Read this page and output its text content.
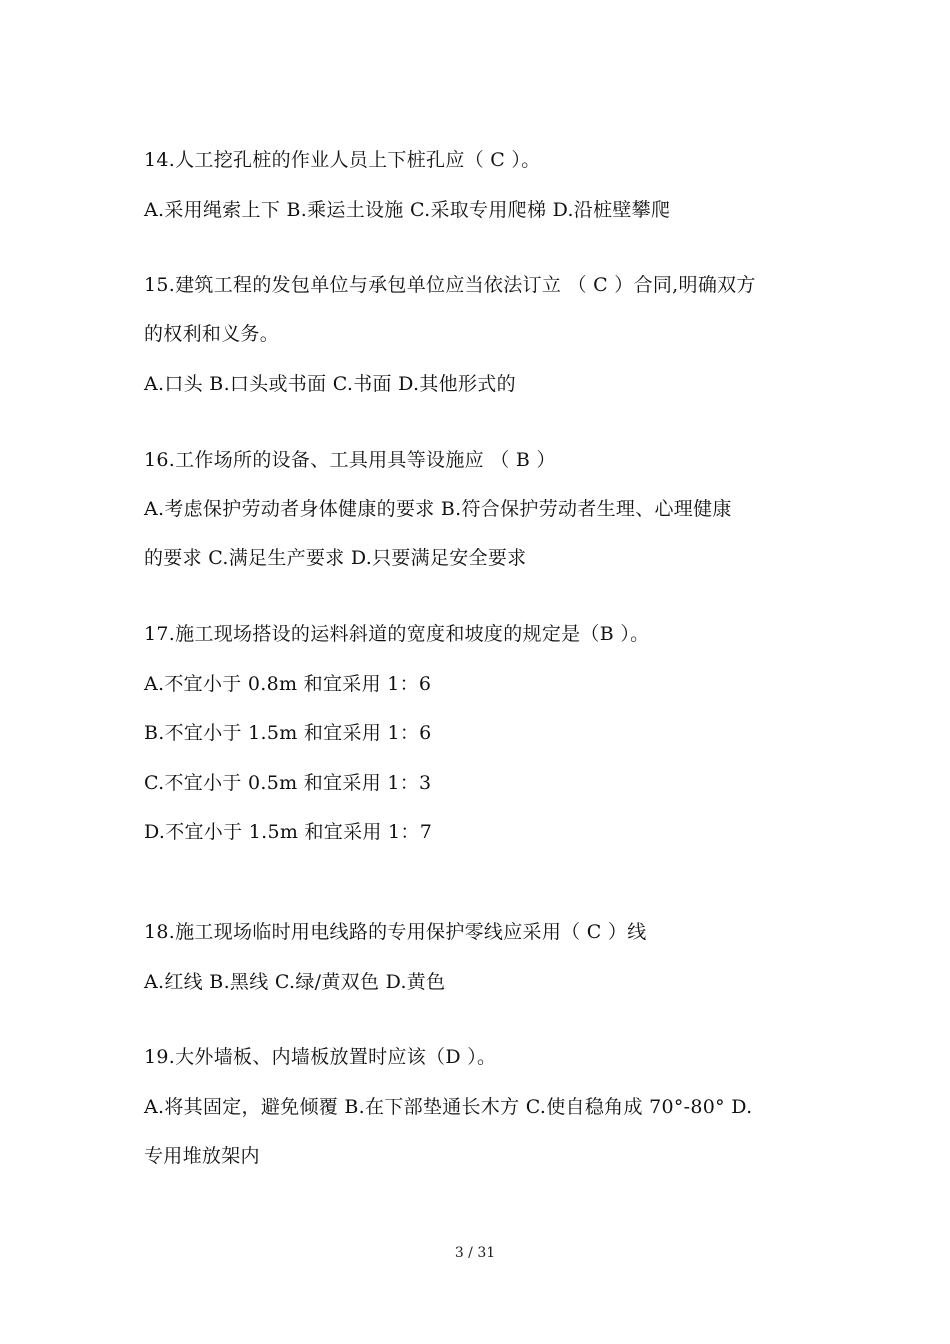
14.人工挖孔桩的作业人员上下桩孔应（ C ）。
A.采用绳索上下 B.乘运土设施 C.采取专用爬梯 D.沿桩壁攀爬
15.建筑工程的发包单位与承包单位应当依法订立 （ C ）合同,明确双方
的权利和义务。
A.口头 B.口头或书面 C.书面 D.其他形式的
16.工作场所的设备、工具用具等设施应 （ B ）
A.考虑保护劳动者身体健康的要求 B.符合保护劳动者生理、心理健康
的要求 C.满足生产要求 D.只要满足安全要求
17.施工现场搭设的运料斜道的宽度和坡度的规定是（B ）。
A.不宜小于 0.8m 和宜采用 1：6
B.不宜小于 1.5m 和宜采用 1：6
C.不宜小于 0.5m 和宜采用 1：3
D.不宜小于 1.5m 和宜采用 1：7
18.施工现场临时用电线路的专用保护零线应采用（ C ）线
A.红线 B.黑线 C.绿/黄双色 D.黄色
19.大外墙板、内墙板放置时应该（D ）。
A.将其固定，避免倾覆 B.在下部垫通长木方 C.使自稳角成 70°-80° D.
专用堆放架内
3 / 31
